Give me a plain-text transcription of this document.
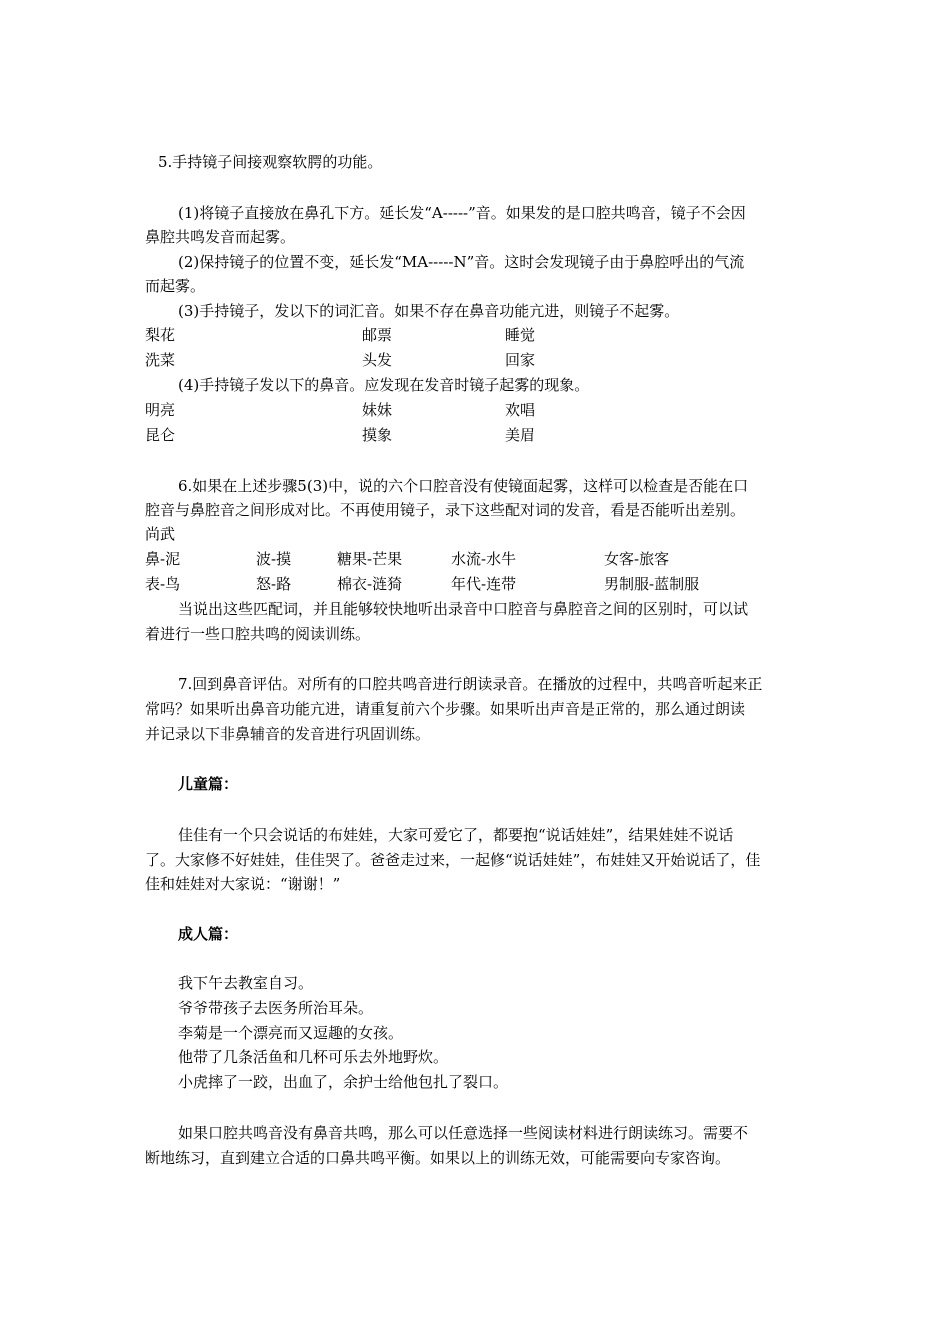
5.手持镜子间接观察软腭的功能。
(1)将镜子直接放在鼻孔下方。延长发“A-----”音。如果发的是口腔共鸣音，镜子不会因
鼻腔共鸣发音而起雾。
(2)保持镜子的位置不变，延长发“MA-----N”音。这时会发现镜子由于鼻腔呼出的气流
而起雾。
(3)手持镜子，发以下的词汇音。如果不存在鼻音功能亢进，则镜子不起雾。
梨花	邮票	睡觉
洗菜	头发	回家
(4)手持镜子发以下的鼻音。应发现在发音时镜子起雾的现象。
明亮	妹妹	欢唱
昆仑	摸象	美眉
6.如果在上述步骤5(3)中，说的六个口腔音没有使镜面起雾，这样可以检查是否能在口
腔音与鼻腔音之间形成对比。不再使用镜子，录下这些配对词的发音，看是否能听出差别。
尚武
鼻-泥	波-摸	糖果-芒果	水流-水牛	女客-旅客
表-鸟	怒-路	棉衣-涟猗	年代-连带	男制服-蓝制服
当说出这些匹配词，并且能够较快地听出录音中口腔音与鼻腔音之间的区别时，可以试
着进行一些口腔共鸣的阅读训练。
7.回到鼻音评估。对所有的口腔共鸣音进行朗读录音。在播放的过程中，共鸣音听起来正
常吗？如果听出鼻音功能亢进，请重复前六个步骤。如果听出声音是正常的，那么通过朗读
并记录以下非鼻辅音的发音进行巩固训练。
儿童篇：
佳佳有一个只会说话的布娃娃，大家可爱它了，都要抱“说话娃娃”，结果娃娃不说话
了。大家修不好娃娃，佳佳哭了。爸爸走过来，一起修“说话娃娃”，布娃娃又开始说话了，佳
佳和娃娃对大家说：“谢谢！”
成人篇：
我下午去教室自习。
爷爷带孩子去医务所治耳朵。
李菊是一个漂亮而又逗趣的女孩。
他带了几条活鱼和几杯可乐去外地野炊。
小虎摔了一跤，出血了，余护士给他包扎了裂口。
如果口腔共鸣音没有鼻音共鸣，那么可以任意选择一些阅读材料进行朗读练习。需要不
断地练习，直到建立合适的口鼻共鸣平衡。如果以上的训练无效，可能需要向专家咨询。
